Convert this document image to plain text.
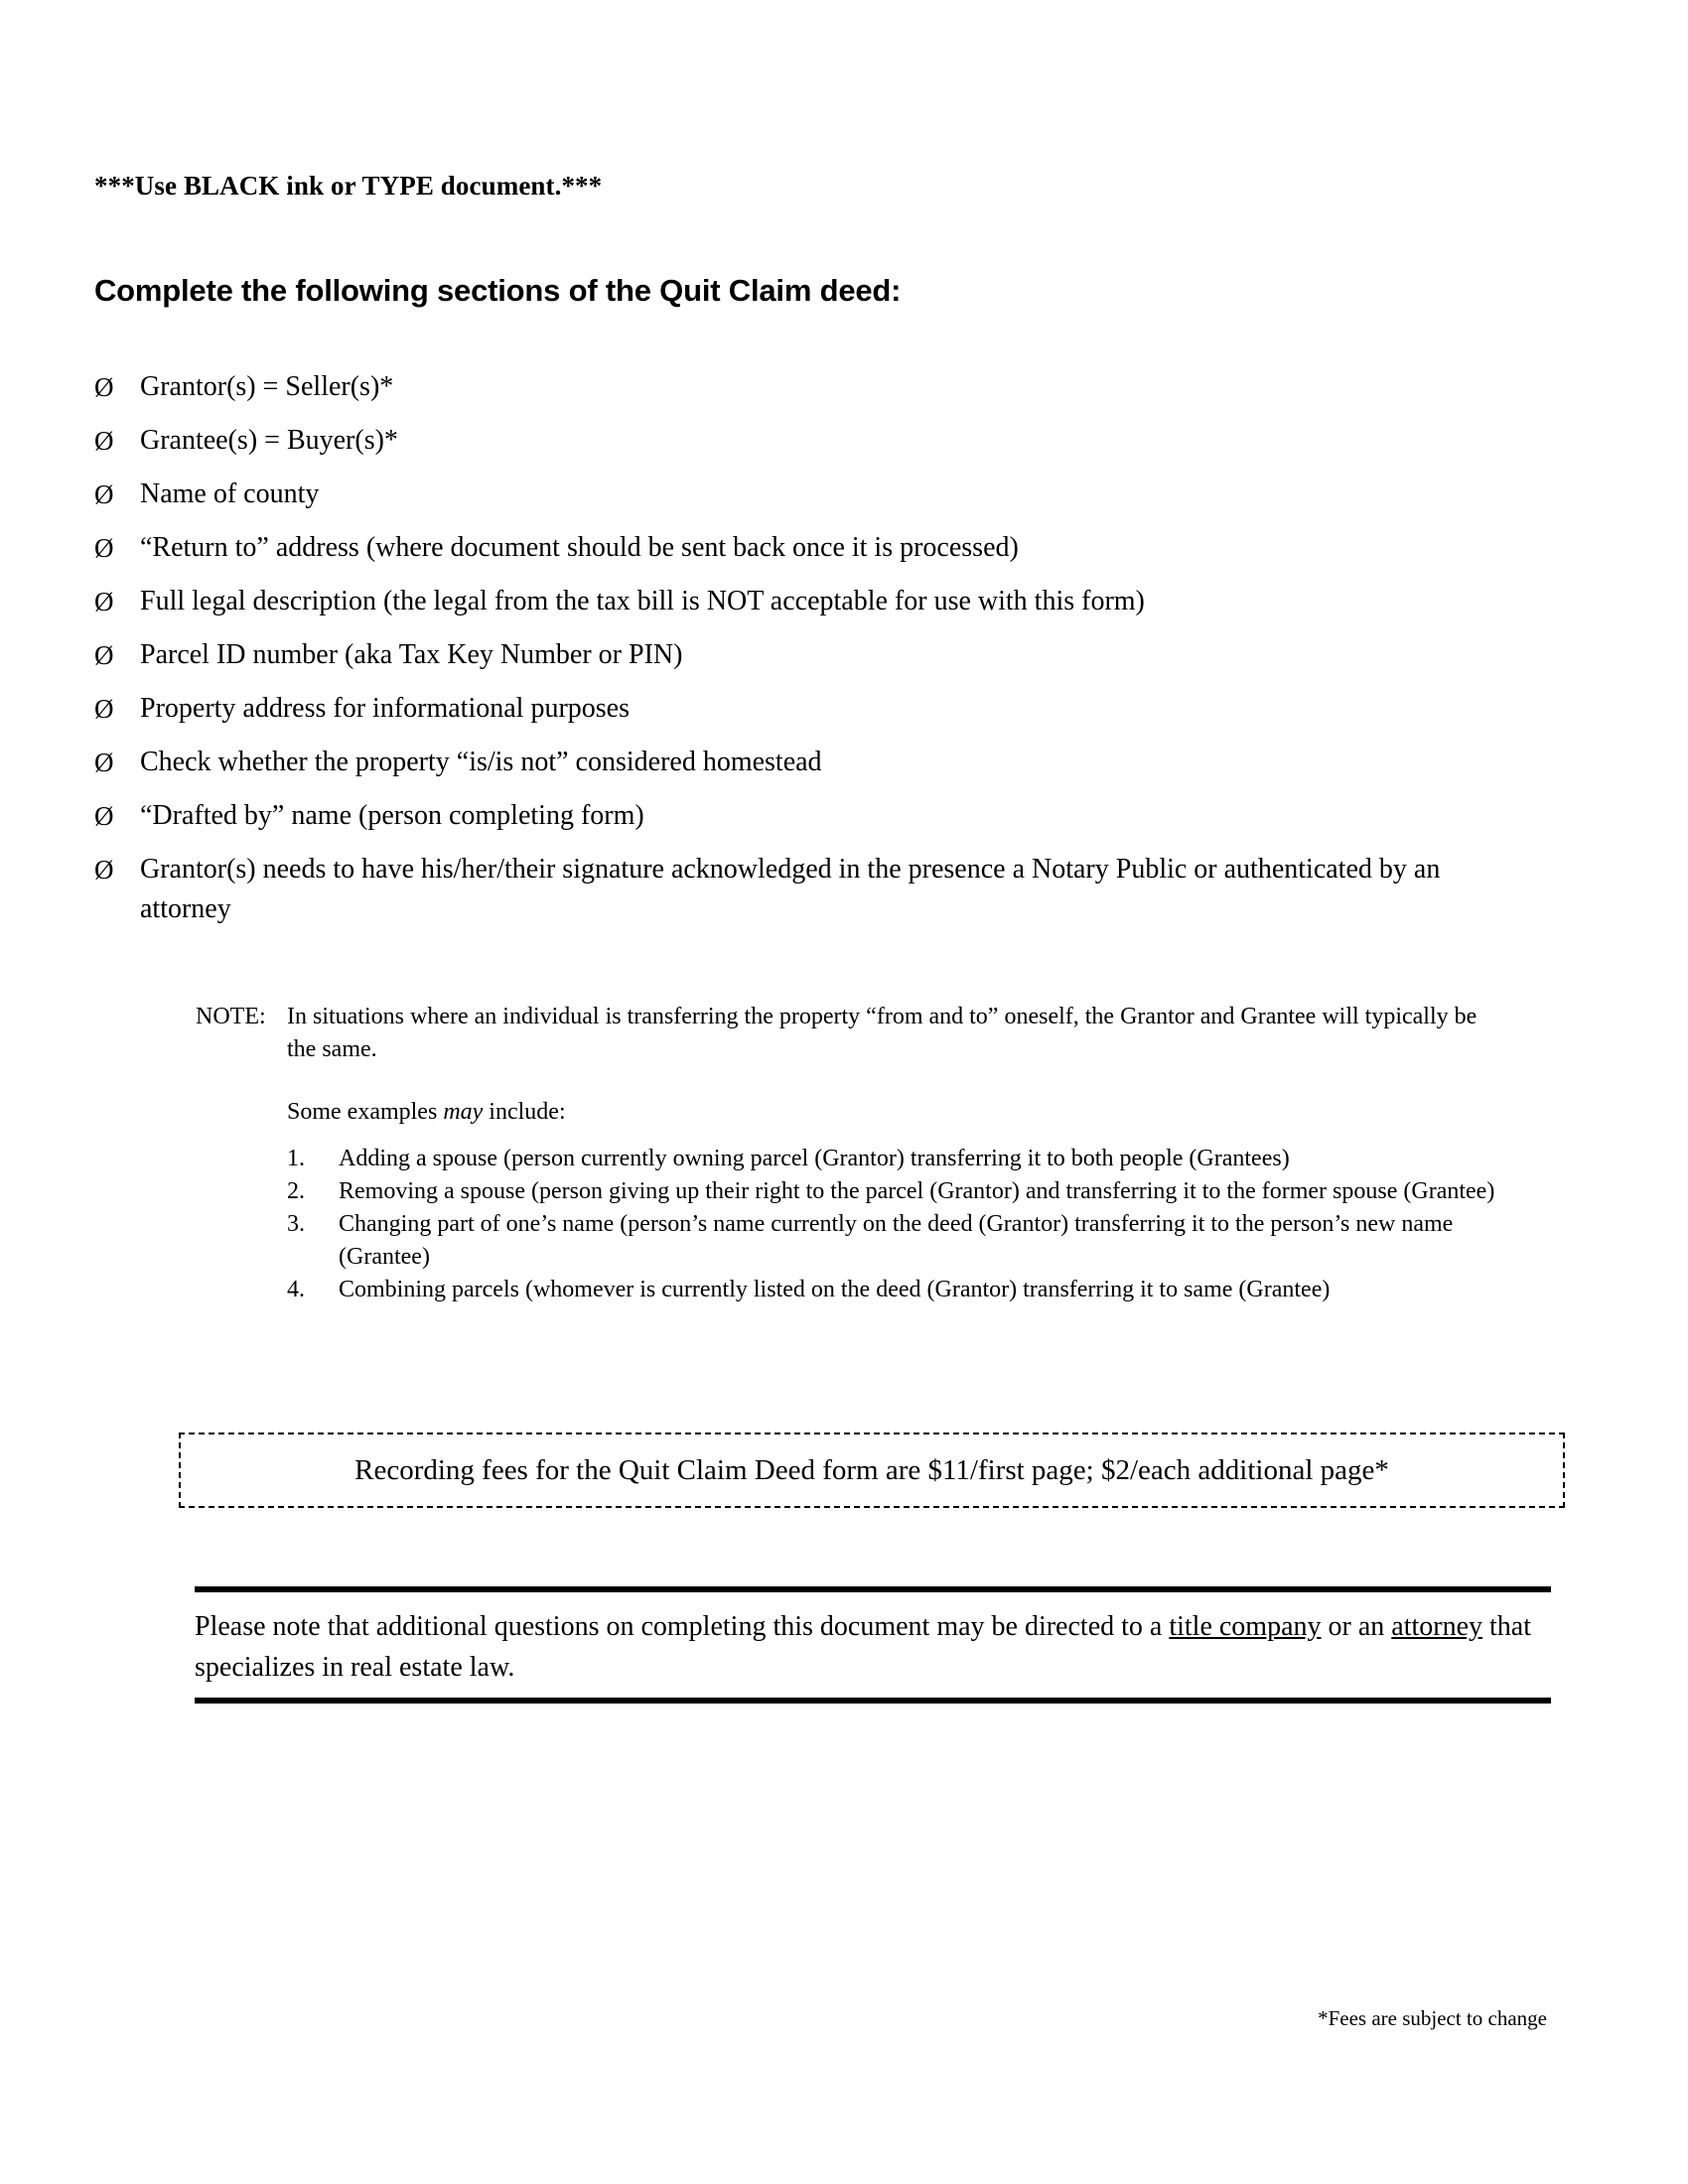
***Use BLACK ink or TYPE document.***
Complete the following sections of the Quit Claim deed:
Ø Grantor(s) = Seller(s)*
Ø Grantee(s) = Buyer(s)*
Ø Name of county
Ø “Return to” address (where document should be sent back once it is processed)
Ø Full legal description (the legal from the tax bill is NOT acceptable for use with this form)
Ø Parcel ID number (aka Tax Key Number or PIN)
Ø Property address for informational purposes
Ø Check whether the property “is/is not” considered homestead
Ø “Drafted by” name (person completing form)
Ø Grantor(s) needs to have his/her/their signature acknowledged in the presence a Notary Public or authenticated by an attorney
NOTE: In situations where an individual is transferring the property “from and to” oneself, the Grantor and Grantee will typically be the same.
Some examples may include:
1.	Adding a spouse (person currently owning parcel (Grantor) transferring it to both people (Grantees)
2.	Removing a spouse (person giving up their right to the parcel (Grantor) and transferring it to the former spouse (Grantee)
3.	Changing part of one’s name (person’s name currently on the deed (Grantor) transferring it to the person’s new name (Grantee)
4.	Combining parcels (whomever is currently listed on the deed (Grantor) transferring it to same (Grantee)
Recording fees for the Quit Claim Deed form are $11/first page; $2/each additional page*
Please note that additional questions on completing this document may be directed to a title company or an attorney that specializes in real estate law.
*Fees are subject to change
